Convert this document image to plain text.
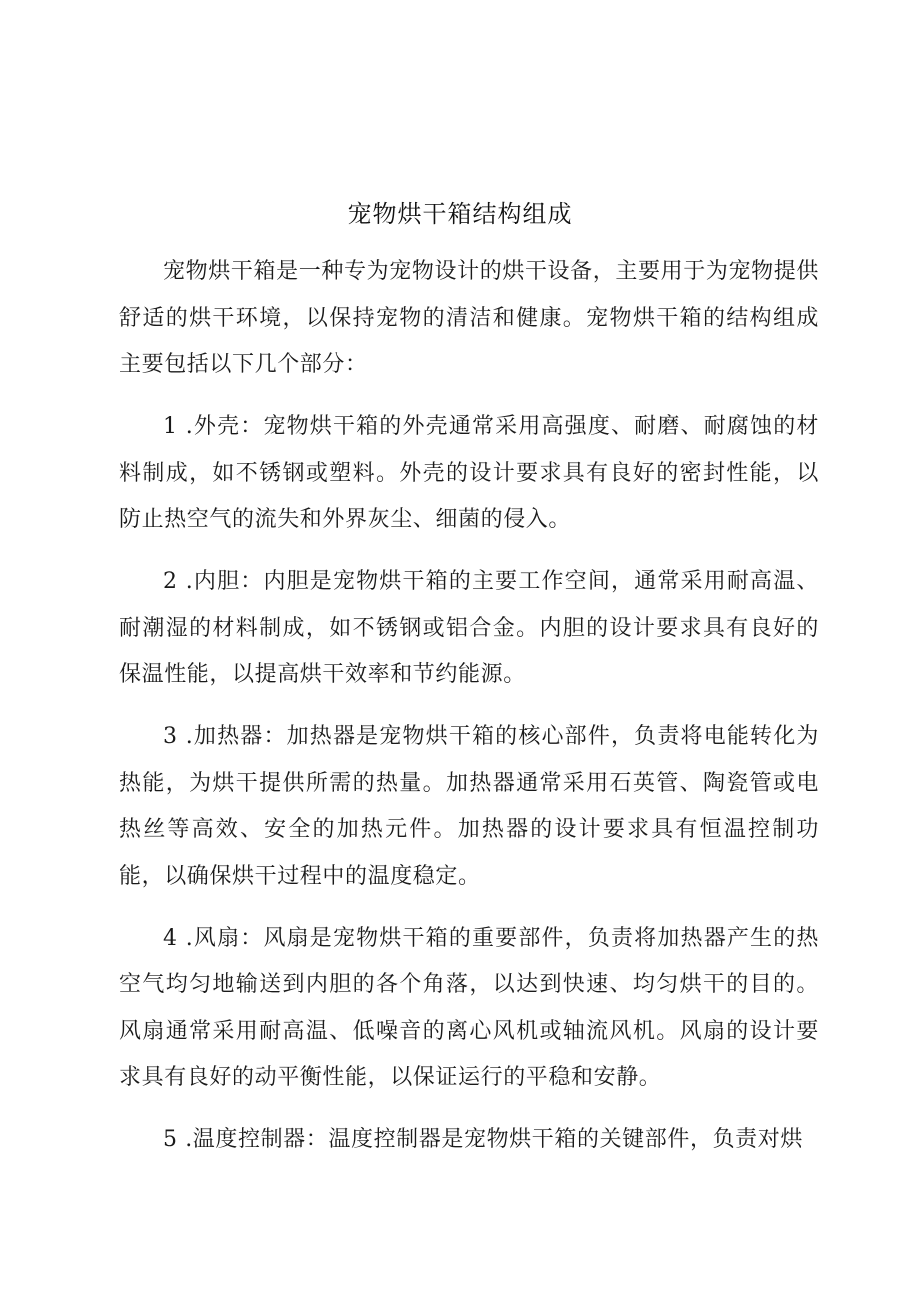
宠物烘干箱结构组成

宠物烘干箱是一种专为宠物设计的烘干设备，主要用于为宠物提供舒适的烘干环境，以保持宠物的清洁和健康。宠物烘干箱的结构组成主要包括以下几个部分：

1 .外壳：宠物烘干箱的外壳通常采用高强度、耐磨、耐腐蚀的材料制成，如不锈钢或塑料。外壳的设计要求具有良好的密封性能，以防止热空气的流失和外界灰尘、细菌的侵入。

2 .内胆：内胆是宠物烘干箱的主要工作空间，通常采用耐高温、耐潮湿的材料制成，如不锈钢或铝合金。内胆的设计要求具有良好的保温性能，以提高烘干效率和节约能源。

3 .加热器：加热器是宠物烘干箱的核心部件，负责将电能转化为热能，为烘干提供所需的热量。加热器通常采用石英管、陶瓷管或电热丝等高效、安全的加热元件。加热器的设计要求具有恒温控制功能，以确保烘干过程中的温度稳定。

4 .风扇：风扇是宠物烘干箱的重要部件，负责将加热器产生的热空气均匀地输送到内胆的各个角落，以达到快速、均匀烘干的目的。风扇通常采用耐高温、低噪音的离心风机或轴流风机。风扇的设计要求具有良好的动平衡性能，以保证运行的平稳和安静。

5 .温度控制器：温度控制器是宠物烘干箱的关键部件，负责对烘
